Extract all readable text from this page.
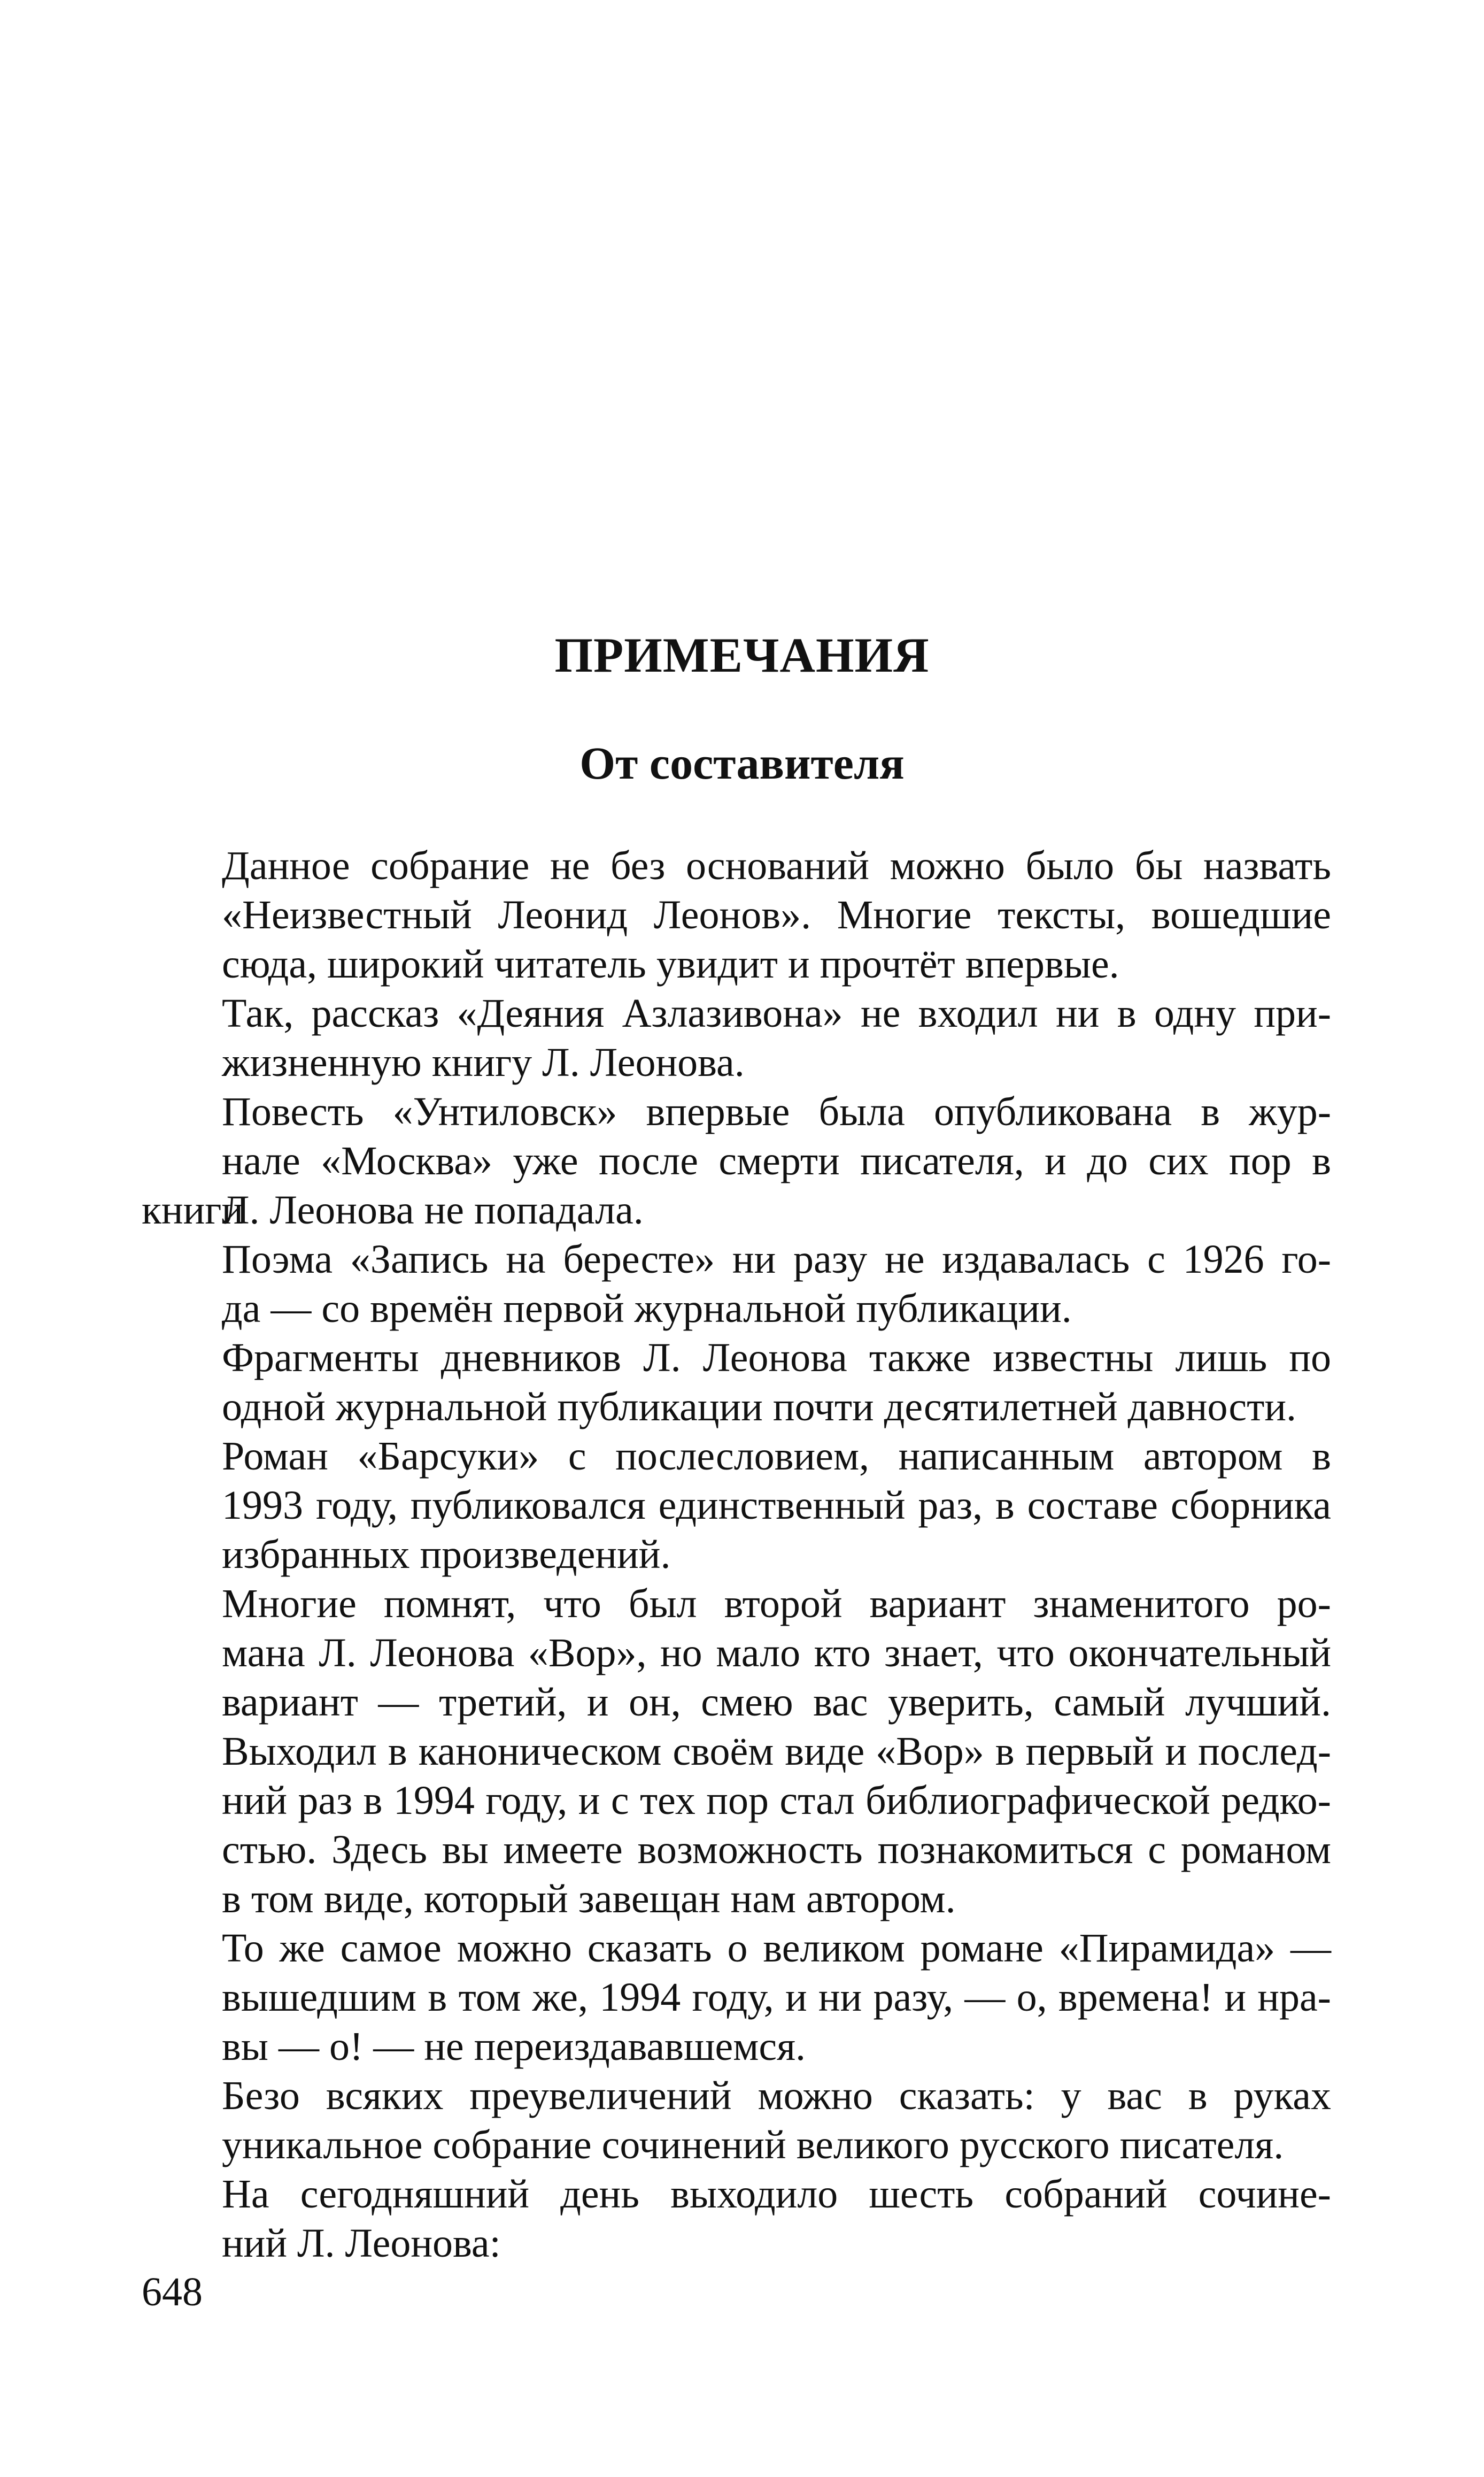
ПРИМЕЧАНИЯ
От составителя
Данное собрание не без оснований можно было бы назвать
«Неизвестный Леонид Леонов». Многие тексты, вошедшие
сюда, широкий читатель увидит и прочтёт впервые.
Так, рассказ «Деяния Азлазивона» не входил ни в одну при-
жизненную книгу Л. Леонова.
Повесть «Унтиловск» впервые была опубликована в жур-
нале «Москва» уже после смерти писателя, и до сих пор в книги
Л. Леонова не попадала.
Поэма «Запись на бересте» ни разу не издавалась с 1926 го-
да — со времён первой журнальной публикации.
Фрагменты дневников Л. Леонова также известны лишь по
одной журнальной публикации почти десятилетней давности.
Роман «Барсуки» с послесловием, написанным автором в
1993 году, публиковался единственный раз, в составе сборника
избранных произведений.
Многие помнят, что был второй вариант знаменитого ро-
мана Л. Леонова «Вор», но мало кто знает, что окончательный
вариант — третий, и он, смею вас уверить, самый лучший.
Выходил в каноническом своём виде «Вор» в первый и послед-
ний раз в 1994 году, и с тех пор стал библиографической редко-
стью. Здесь вы имеете возможность познакомиться с романом
в том виде, который завещан нам автором.
То же самое можно сказать о великом романе «Пирамида» —
вышедшим в том же, 1994 году, и ни разу, — о, времена! и нра-
вы — о! — не переиздававшемся.
Безо всяких преувеличений можно сказать: у вас в руках
уникальное собрание сочинений великого русского писателя.
На сегодняшний день выходило шесть собраний сочине-
ний Л. Леонова:
648
